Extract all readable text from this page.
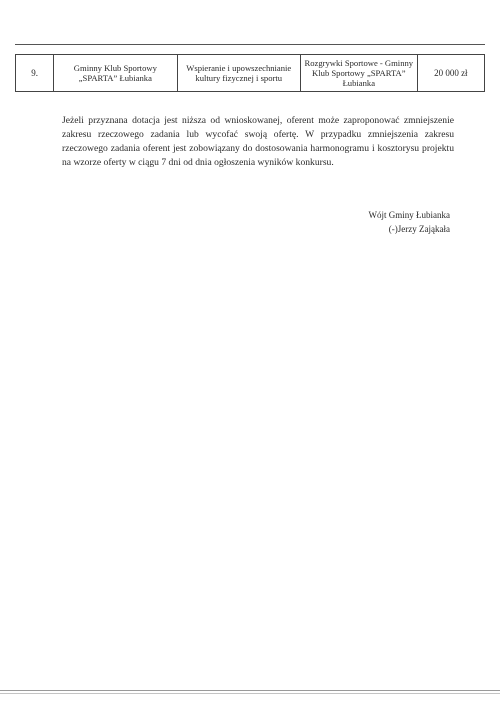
9.	Gminny Klub Sportowy „SPARTA” Łubianka	Wspieranie i upowszechnianie kultury fizycznej i sportu	Rozgrywki Sportowe - Gminny Klub Sportowy „SPARTA” Łubianka	20 000 zł

Jeżeli przyznana dotacja jest niższa od wnioskowanej, oferent może zaproponować zmniejszenie zakresu rzeczowego zadania lub wycofać swoją ofertę. W przypadku zmniejszenia zakresu rzeczowego zadania oferent jest zobowiązany do dostosowania harmonogramu i kosztorysu projektu na wzorze oferty w ciągu 7 dni od dnia ogłoszenia wyników konkursu.

Wójt Gminy Łubianka
(-)Jerzy Zająkała
